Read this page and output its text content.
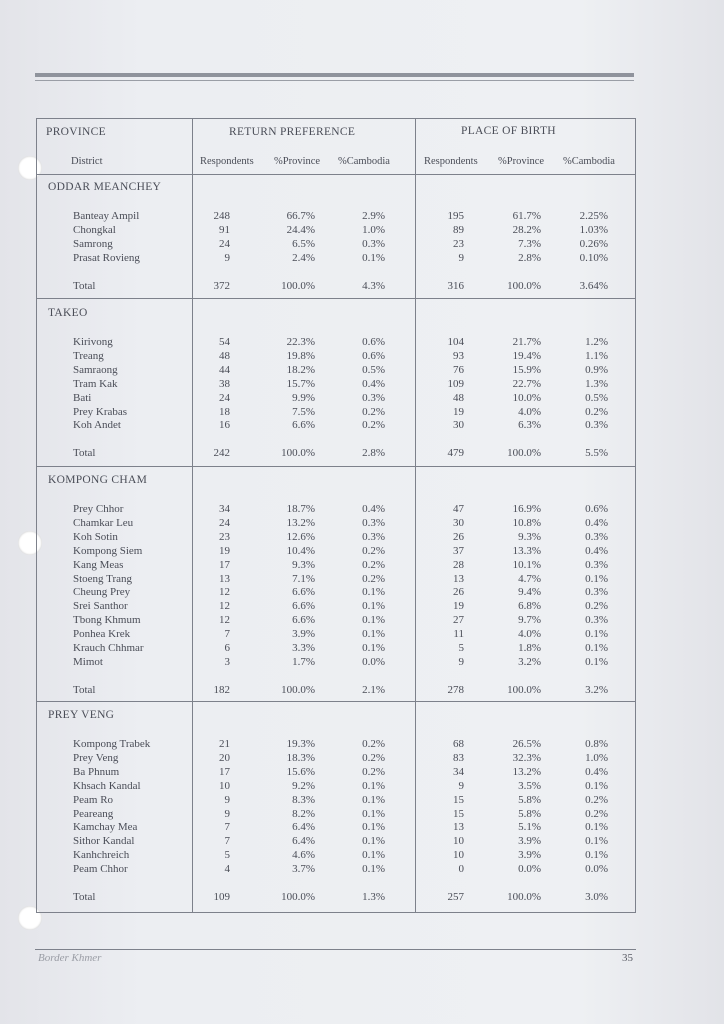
PROVINCE
District
RETURN PREFERENCE	PLACE OF BIRTH
Respondents %Province %Cambodia	Respondents %Province %Cambodia
ODDAR MEANCHEY
Banteay Ampil	248	66.7%	2.9%	195	61.7%	2.25%
Chongkal	91	24.4%	1.0%	89	28.2%	1.03%
Samrong	24	6.5%	0.3%	23	7.3%	0.26%
Prasat Rovieng	9	2.4%	0.1%	9	2.8%	0.10%
Total	372	100.0%	4.3%	316	100.0%	3.64%
TAKEO
Kirivong	54	22.3%	0.6%	104	21.7%	1.2%
Treang	48	19.8%	0.6%	93	19.4%	1.1%
Samraong	44	18.2%	0.5%	76	15.9%	0.9%
Tram Kak	38	15.7%	0.4%	109	22.7%	1.3%
Bati	24	9.9%	0.3%	48	10.0%	0.5%
Prey Krabas	18	7.5%	0.2%	19	4.0%	0.2%
Koh Andet	16	6.6%	0.2%	30	6.3%	0.3%
Total	242	100.0%	2.8%	479	100.0%	5.5%
KOMPONG CHAM
Prey Chhor	34	18.7%	0.4%	47	16.9%	0.6%
Chamkar Leu	24	13.2%	0.3%	30	10.8%	0.4%
Koh Sotin	23	12.6%	0.3%	26	9.3%	0.3%
Kompong Siem	19	10.4%	0.2%	37	13.3%	0.4%
Kang Meas	17	9.3%	0.2%	28	10.1%	0.3%
Stoeng Trang	13	7.1%	0.2%	13	4.7%	0.1%
Cheung Prey	12	6.6%	0.1%	26	9.4%	0.3%
Srei Santhor	12	6.6%	0.1%	19	6.8%	0.2%
Tbong Khmum	12	6.6%	0.1%	27	9.7%	0.3%
Ponhea Krek	7	3.9%	0.1%	11	4.0%	0.1%
Krauch Chhmar	6	3.3%	0.1%	5	1.8%	0.1%
Mimot	3	1.7%	0.0%	9	3.2%	0.1%
Total	182	100.0%	2.1%	278	100.0%	3.2%
PREY VENG
Kompong Trabek	21	19.3%	0.2%	68	26.5%	0.8%
Prey Veng	20	18.3%	0.2%	83	32.3%	1.0%
Ba Phnum	17	15.6%	0.2%	34	13.2%	0.4%
Khsach Kandal	10	9.2%	0.1%	9	3.5%	0.1%
Peam Ro	9	8.3%	0.1%	15	5.8%	0.2%
Peareang	9	8.2%	0.1%	15	5.8%	0.2%
Kamchay Mea	7	6.4%	0.1%	13	5.1%	0.1%
Sithor Kandal	7	6.4%	0.1%	10	3.9%	0.1%
Kanhchreich	5	4.6%	0.1%	10	3.9%	0.1%
Peam Chhor	4	3.7%	0.1%	0	0.0%	0.0%
Total	109	100.0%	1.3%	257	100.0%	3.0%
Border Khmer	35
